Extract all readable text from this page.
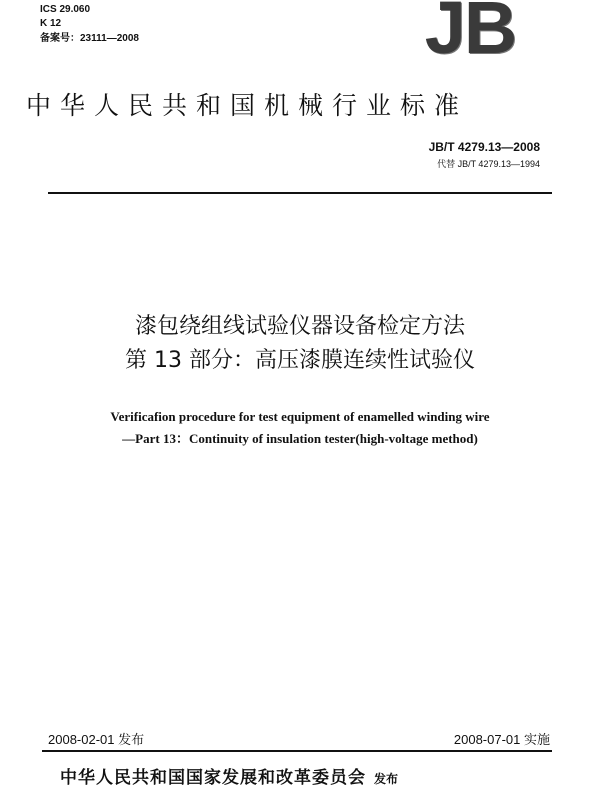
ICS 29.060
K 12
备案号：23111—2008	JB
中华人民共和国机械行业标准
JB/T 4279.13—2008
代替 JB/T 4279.13—1994
漆包绕组线试验仪器设备检定方法
第 13 部分：高压漆膜连续性试验仪
Verificafion procedure for test equipment of enamelled winding wire
—Part 13：Continuity of insulation tester(high-voltage method)
2008-02-01 发布	2008-07-01 实施
中华人民共和国国家发展和改革委员会 发布
